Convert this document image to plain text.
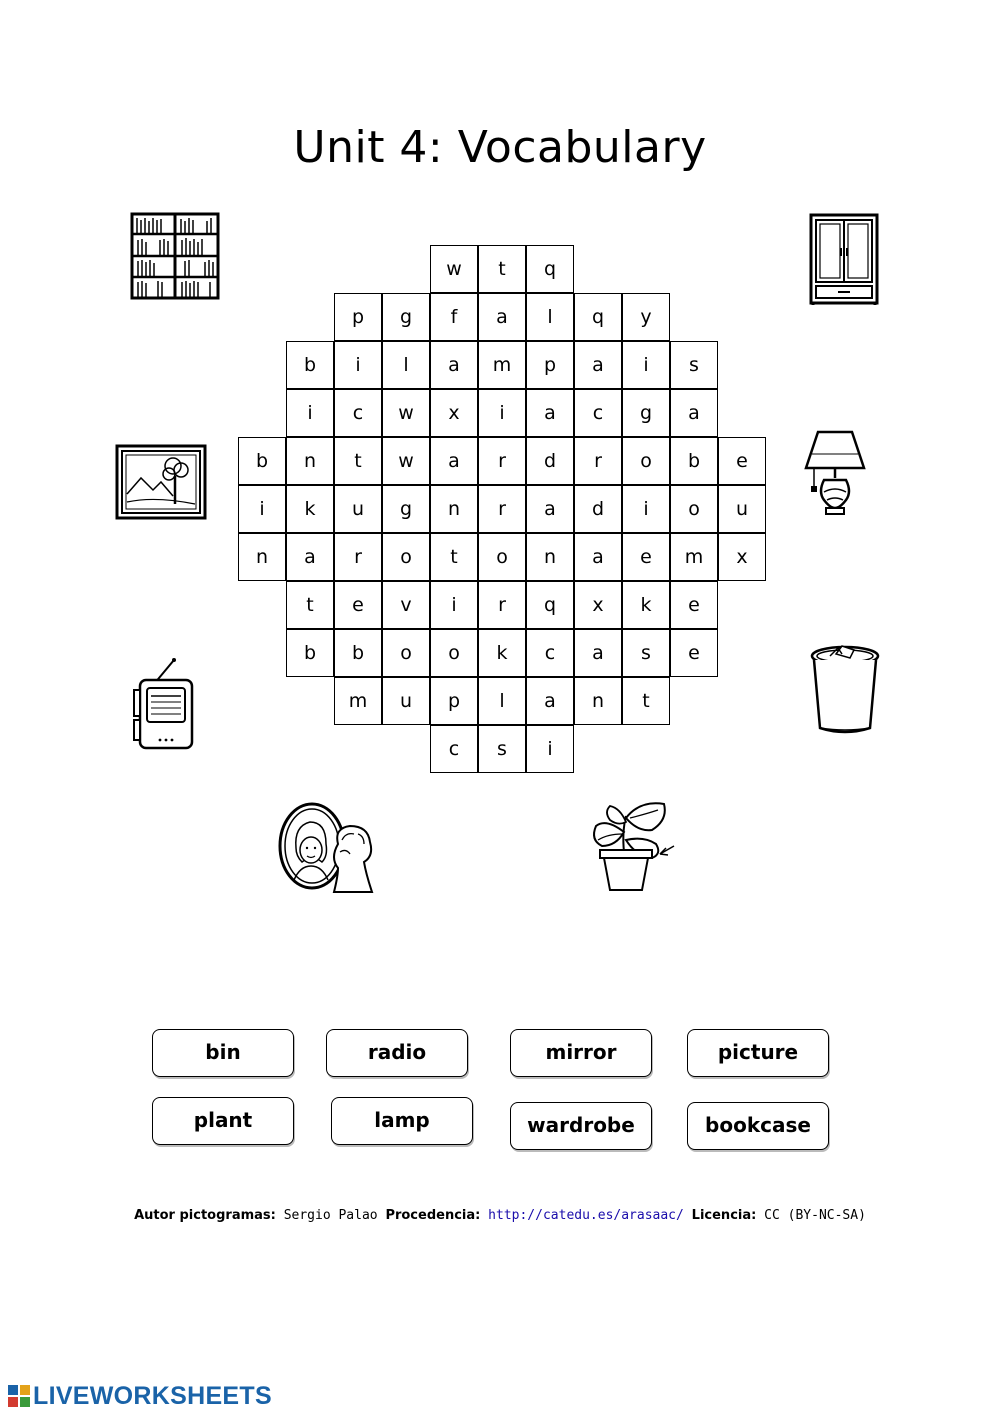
Unit 4: Vocabulary
w	t	q
p	g	f	a	l	q	y
b	i	l	a	m	p	a	i	s
i	c	w	x	i	a	c	g	a
b	n	t	w	a	r	d	r	o	b	e
i	k	u	g	n	r	a	d	i	o	u
n	a	r	o	t	o	n	a	e	m	x
t	e	v	i	r	q	x	k	e
b	b	o	o	k	c	a	s	e
m	u	p	l	a	n	t
c	s	i
bin	radio	mirror	picture
plant	lamp	wardrobe	bookcase
Autor pictogramas: Sergio Palao Procedencia: http://catedu.es/arasaac/ Licencia: CC (BY-NC-SA)
LIVEWORKSHEETS
